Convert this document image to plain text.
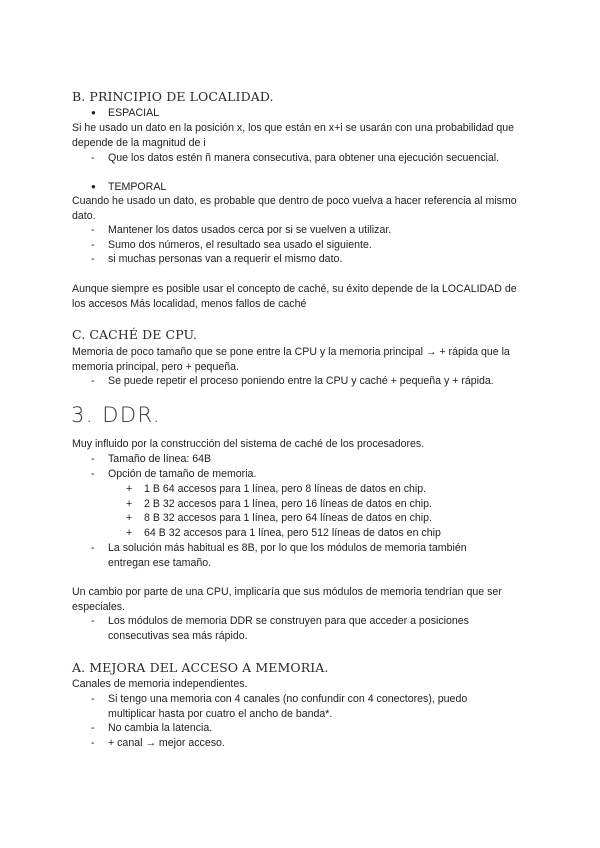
B. PRINCIPIO DE LOCALIDAD.
● ESPACIAL
Si he usado un dato en la posición x, los que están en x+i se usarán con una probabilidad que depende de la magnitud de i
- Que los datos estén ñ manera consecutiva, para obtener una ejecución secuencial.
● TEMPORAL
Cuando he usado un dato, es probable que dentro de poco vuelva a hacer referencia al mismo dato.
- Mantener los datos usados cerca por si se vuelven a utilizar.
- Sumo dos números, el resultado sea usado el siguiente.
- si muchas personas van a requerir el mismo dato.
Aunque siempre es posible usar el concepto de caché, su éxito depende de la LOCALIDAD de los accesos Más localidad, menos fallos de caché
C. CACHÉ DE CPU.
Memoria de poco tamaño que se pone entre la CPU y la memoria principal → + rápida que la memoria principal, pero + pequeña.
- Se puede repetir el proceso poniendo entre la CPU y caché + pequeña y + rápida.
3. DDR.
Muy influido por la construcción del sistema de caché de los procesadores.
- Tamaño de línea: 64B
- Opción de tamaño de memoria.
+ 1 B 64 accesos para 1 línea, pero 8 líneas de datos en chip.
+ 2 B 32 accesos para 1 línea, pero 16 líneas de datos en chip.
+ 8 B 32 accesos para 1 línea, pero 64 líneas de datos en chip.
+ 64 B 32 accesos para 1 línea, pero 512 líneas de datos en chip
- La solución más habitual es 8B, por lo que los módulos de memoria también entregan ese tamaño.
Un cambio por parte de una CPU, implicaría que sus módulos de memoria tendrían que ser especiales.
- Los módulos de memoria DDR se construyen para que acceder a posiciones consecutivas sea más rápido.
A. MEJORA DEL ACCESO A MEMORIA.
Canales de memoria independientes.
- Si tengo una memoria con 4 canales (no confundir con 4 conectores), puedo multiplicar hasta por cuatro el ancho de banda*.
- No cambia la latencia.
- + canal → mejor acceso.
